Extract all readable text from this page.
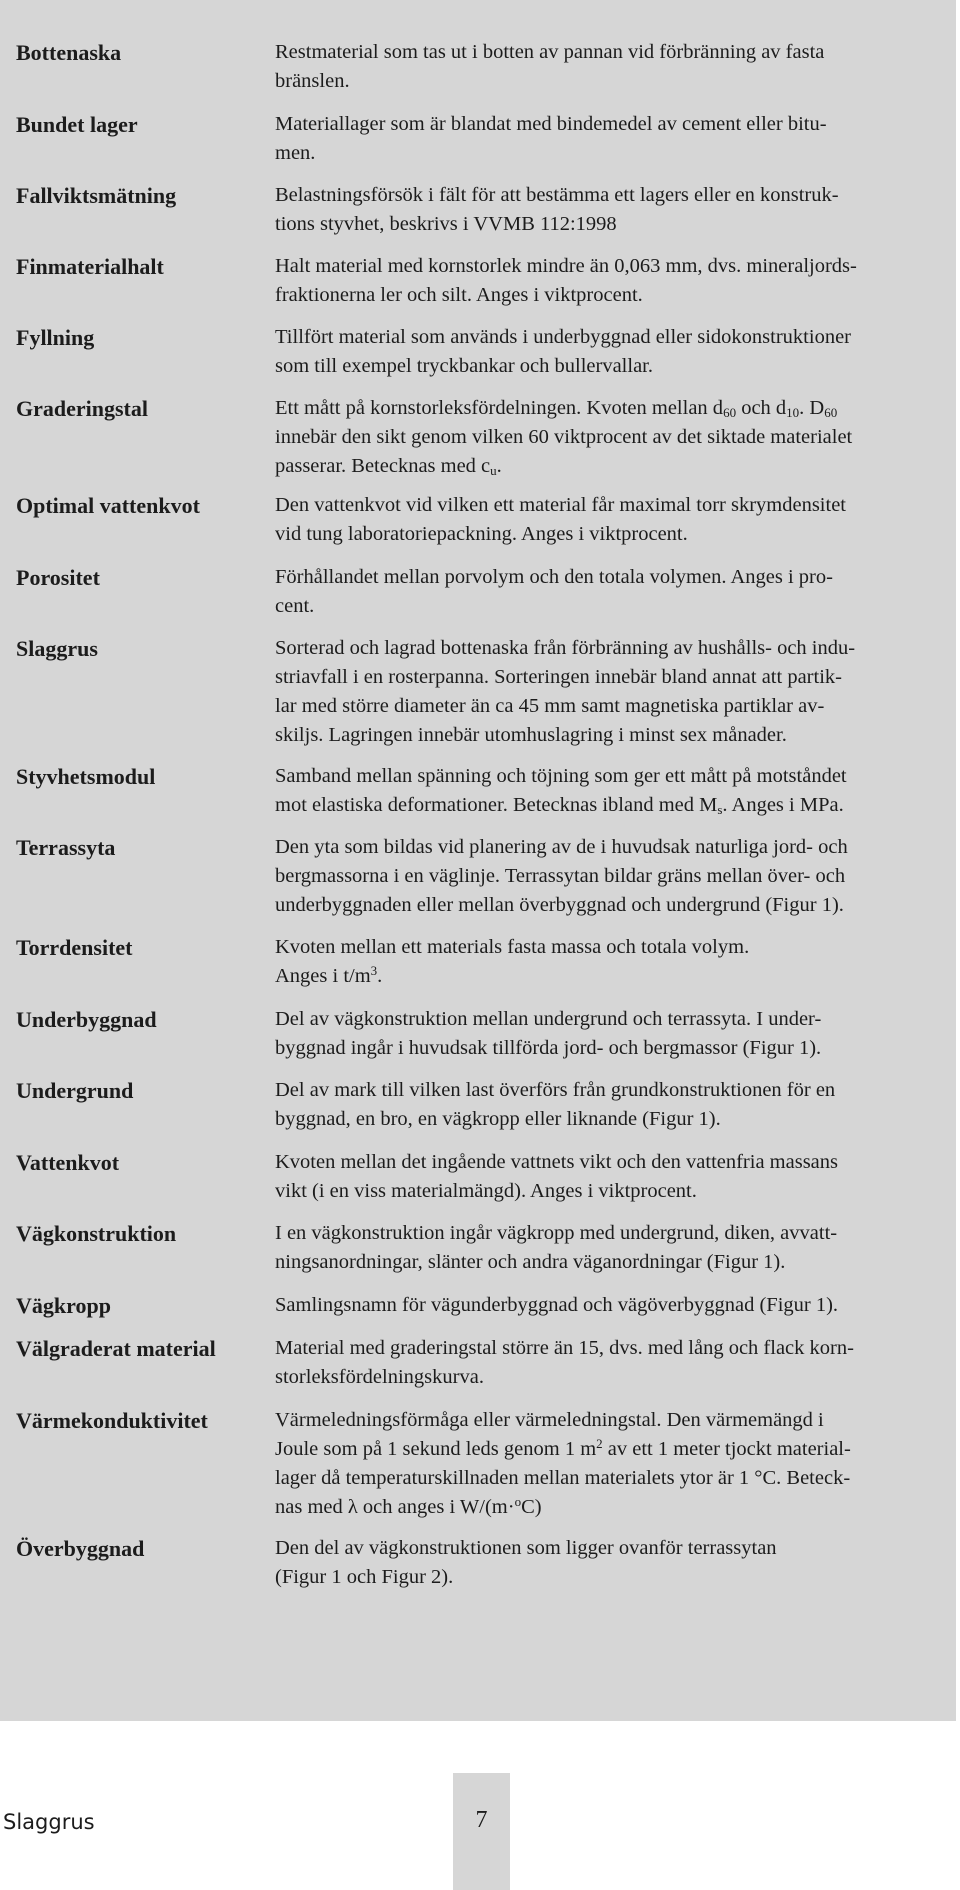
Bottenaska	Restmaterial som tas ut i botten av pannan vid förbränning av fasta
bränslen.
Bundet lager	Materiallager som är blandat med bindemedel av cement eller bitu-
men.
Fallviktsmätning	Belastningsförsök i fält för att bestämma ett lagers eller en konstruk-
tions styvhet, beskrivs i VVMB 112:1998
Finmaterialhalt	Halt material med kornstorlek mindre än 0,063 mm, dvs. mineraljords-
fraktionerna ler och silt. Anges i viktprocent.
Fyllning	Tillfört material som används i underbyggnad eller sidokonstruktioner
som till exempel tryckbankar och bullervallar.
Graderingstal	Ett mått på kornstorleksfördelningen. Kvoten mellan $d_{60}$ och $d_{10}$. $D_{60}$
innebär den sikt genom vilken 60 viktprocent av det siktade materialet
passerar. Betecknas med $c_u$.
Optimal vattenkvot	Den vattenkvot vid vilken ett material får maximal torr skrymdensitet
vid tung laboratoriepackning. Anges i viktprocent.
Porositet	Förhållandet mellan porvolym och den totala volymen. Anges i pro-
cent.
Slaggrus	Sorterad och lagrad bottenaska från förbränning av hushålls- och indu-
striavfall i en rosterpanna. Sorteringen innebär bland annat att partik-
lar med större diameter än ca 45 mm samt magnetiska partiklar av-
skiljs. Lagringen innebär utomhuslagring i minst sex månader.
Styvhetsmodul	Samband mellan spänning och töjning som ger ett mått på motståndet
mot elastiska deformationer. Betecknas ibland med $M_s$. Anges i MPa.
Terrassyta	Den yta som bildas vid planering av de i huvudsak naturliga jord- och
bergmassorna i en väglinje. Terrassytan bildar gräns mellan över- och
underbyggnaden eller mellan överbyggnad och undergrund (Figur 1).
Torrdensitet	Kvoten mellan ett materials fasta massa och totala volym.
Anges i $t/m^3$.
Underbyggnad	Del av vägkonstruktion mellan undergrund och terrassyta. I under-
byggnad ingår i huvudsak tillförda jord- och bergmassor (Figur 1).
Undergrund	Del av mark till vilken last överförs från grundkonstruktionen för en
byggnad, en bro, en vägkropp eller liknande (Figur 1).
Vattenkvot	Kvoten mellan det ingående vattnets vikt och den vattenfria massans
vikt (i en viss materialmängd). Anges i viktprocent.
Vägkonstruktion	I en vägkonstruktion ingår vägkropp med undergrund, diken, avvatt-
ningsanordningar, slänter och andra väganordningar (Figur 1).
Vägkropp	Samlingsnamn för vägunderbyggnad och vägöverbyggnad (Figur 1).
Välgraderat material	Material med graderingstal större än 15, dvs. med lång och flack korn-
storleksfördelningskurva.
Värmekonduktivitet	Värmeledningsförmåga eller värmeledningstal. Den värmemängd i
Joule som på 1 sekund leds genom 1 $m^2$ av ett 1 meter tjockt material-
lager då temperaturskillnaden mellan materialets ytor är 1 °C. Beteck-
nas med λ och anges i W/(m·$^o$C)
Överbyggnad	Den del av vägkonstruktionen som ligger ovanför terrassytan
(Figur 1 och Figur 2).
Slaggrus	7
